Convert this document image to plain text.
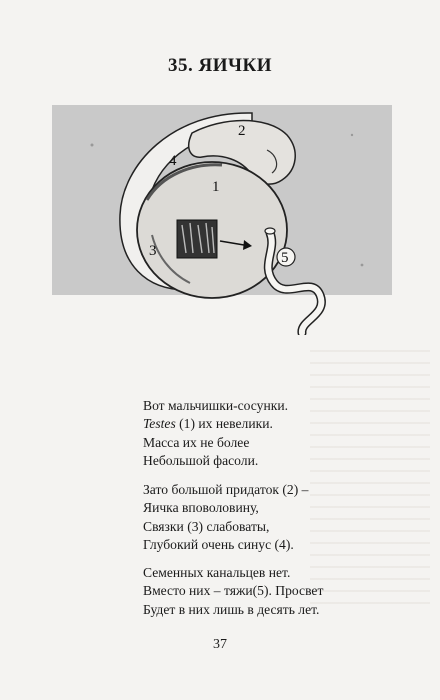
35. ЯИЧКИ
1
2
3
4
5
Вот мальчишки-сосунки.
Testes (1) их невелики.
Масса их не более
Небольшой фасоли.
Зато большой придаток (2) –
Яичка вповоловину,
Связки (3) слабоваты,
Глубокий очень синус (4).
Семенных канальцев нет.
Вместо них – тяжи(5). Просвет
Будет в них лишь в десять лет.
37
